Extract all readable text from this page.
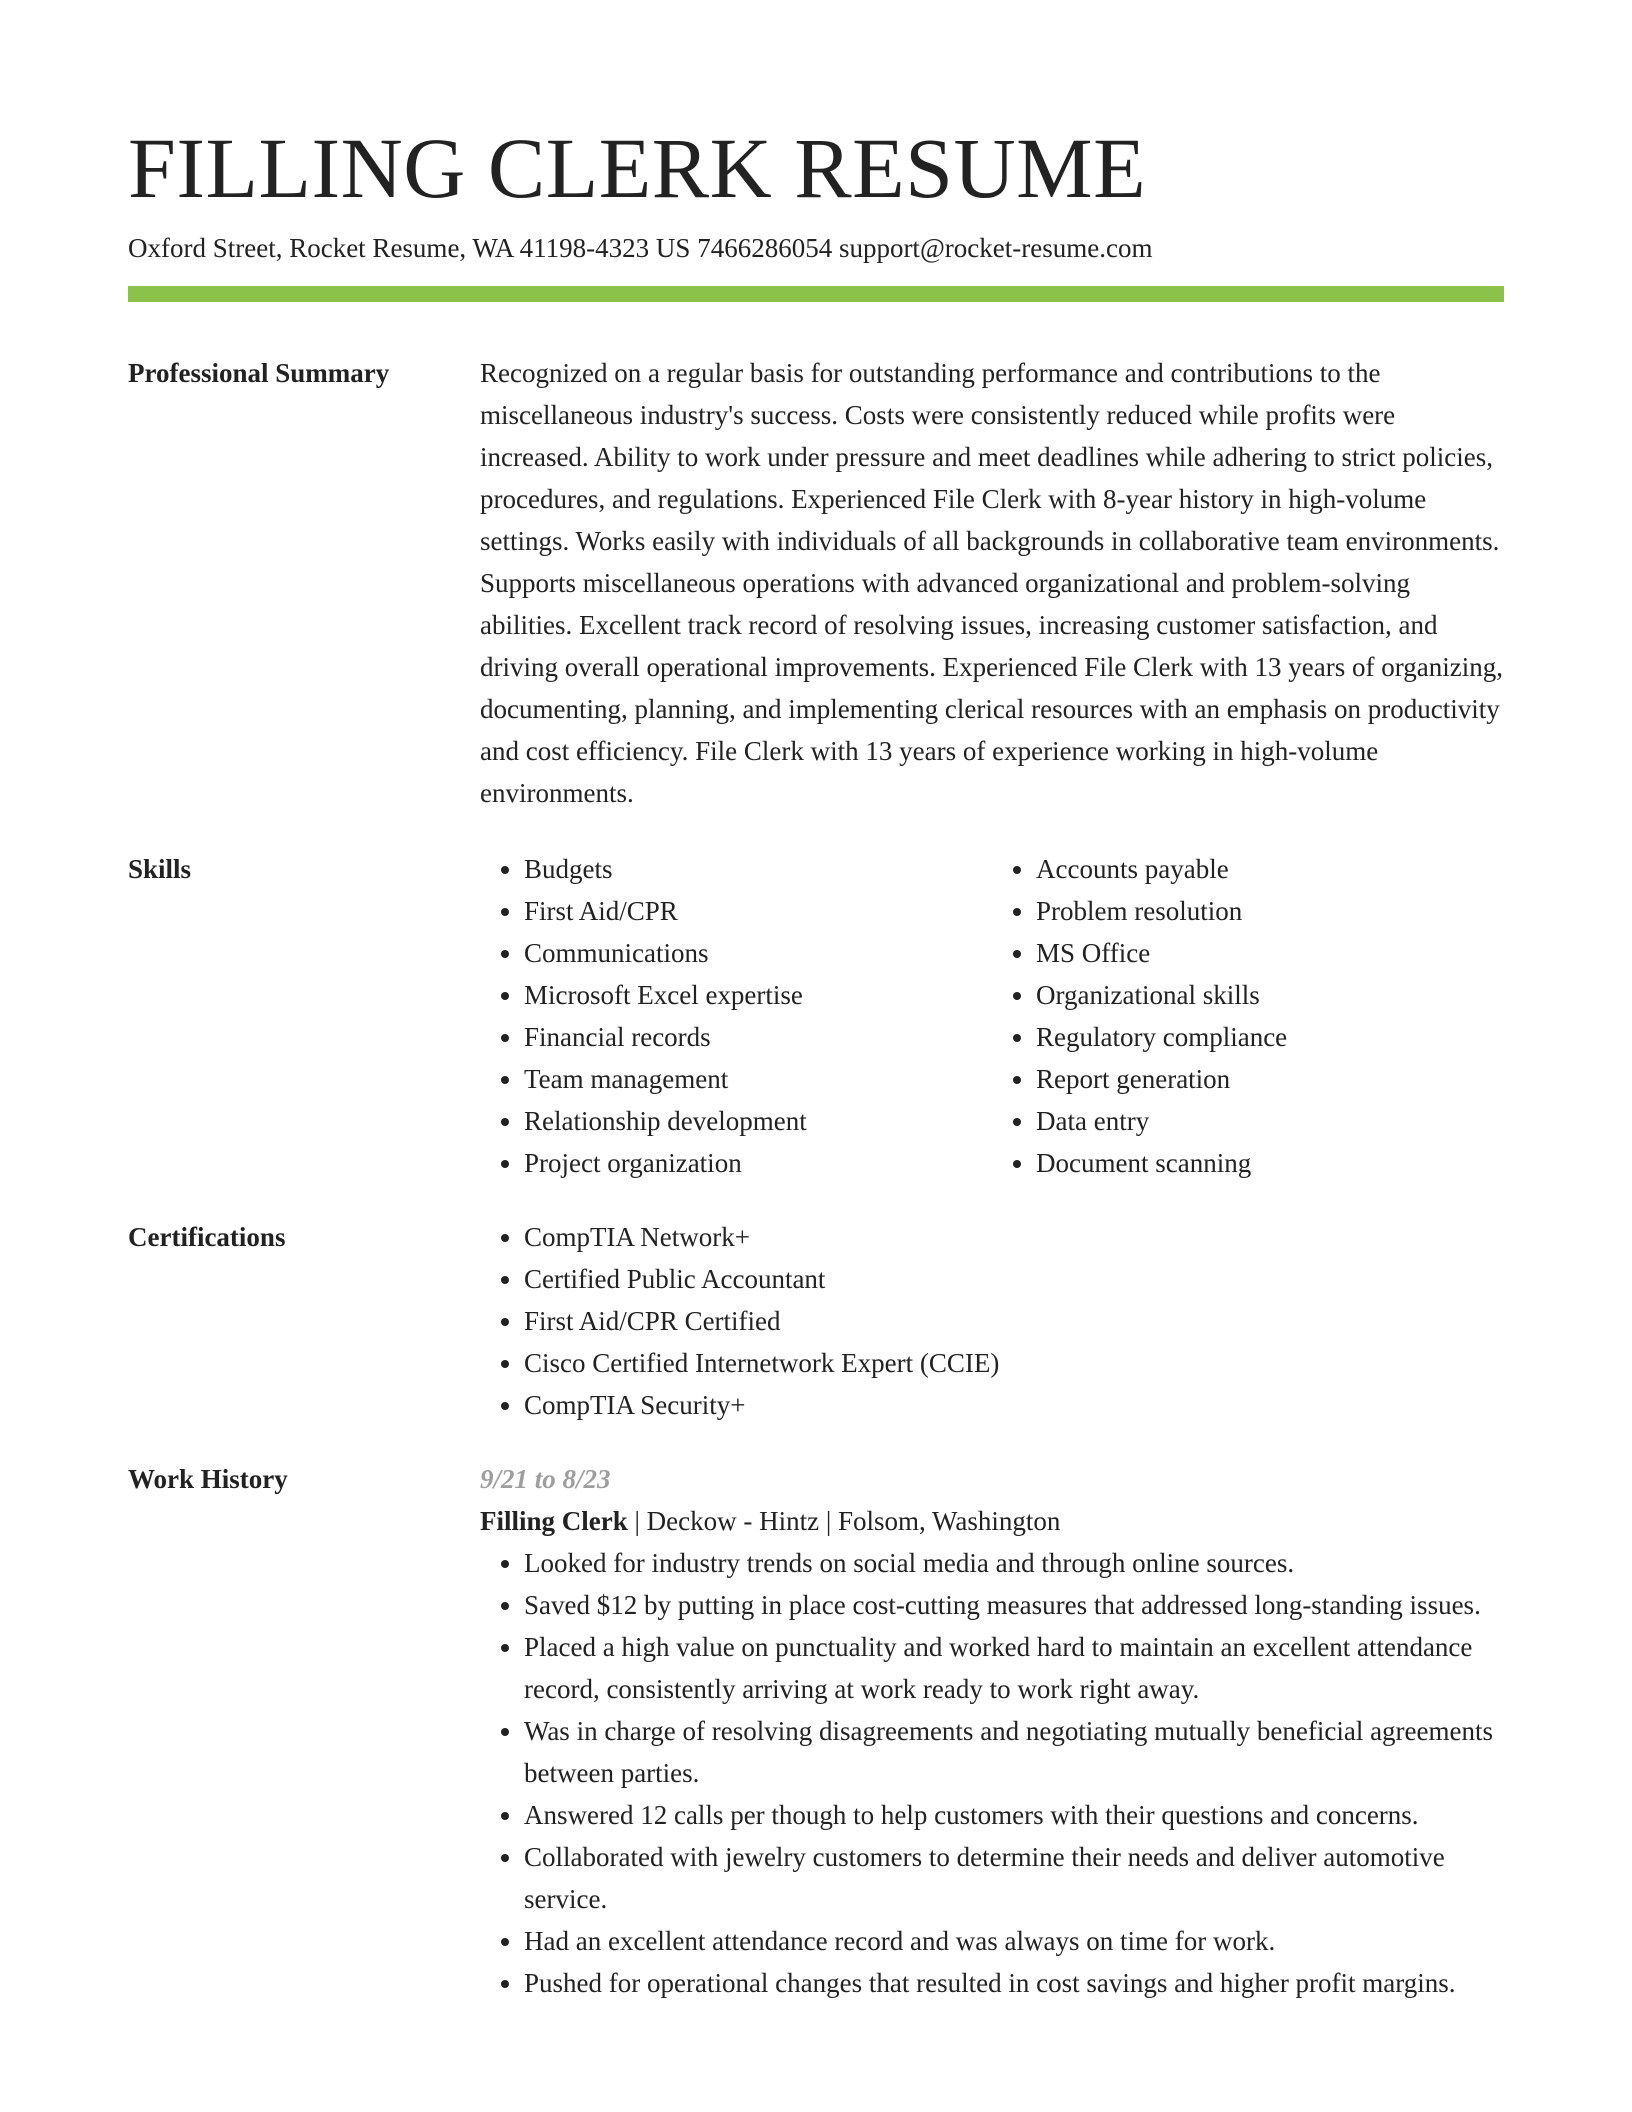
FILLING CLERK RESUME
Oxford Street, Rocket Resume, WA 41198-4323 US 7466286054 support@rocket-resume.com
Professional Summary	Recognized on a regular basis for outstanding performance and contributions to the miscellaneous industry's success. Costs were consistently reduced while profits were increased. Ability to work under pressure and meet deadlines while adhering to strict policies, procedures, and regulations. Experienced File Clerk with 8-year history in high-volume settings. Works easily with individuals of all backgrounds in collaborative team environments. Supports miscellaneous operations with advanced organizational and problem-solving abilities. Excellent track record of resolving issues, increasing customer satisfaction, and driving overall operational improvements. Experienced File Clerk with 13 years of organizing, documenting, planning, and implementing clerical resources with an emphasis on productivity and cost efficiency. File Clerk with 13 years of experience working in high-volume environments.

Skills	• Budgets
• First Aid/CPR
• Communications
• Microsoft Excel expertise
• Financial records
• Team management
• Relationship development
• Project organization
• Accounts payable
• Problem resolution
• MS Office
• Organizational skills
• Regulatory compliance
• Report generation
• Data entry
• Document scanning
Certifications	• CompTIA Network+
• Certified Public Accountant
• First Aid/CPR Certified
• Cisco Certified Internetwork Expert (CCIE)
• CompTIA Security+
Work History	9/21 to 8/23
Filling Clerk | Deckow - Hintz | Folsom, Washington
• Looked for industry trends on social media and through online sources.
• Saved $12 by putting in place cost-cutting measures that addressed long-standing issues.
• Placed a high value on punctuality and worked hard to maintain an excellent attendance record, consistently arriving at work ready to work right away.
• Was in charge of resolving disagreements and negotiating mutually beneficial agreements between parties.
• Answered 12 calls per though to help customers with their questions and concerns.
• Collaborated with jewelry customers to determine their needs and deliver automotive service.
• Had an excellent attendance record and was always on time for work.
• Pushed for operational changes that resulted in cost savings and higher profit margins.
